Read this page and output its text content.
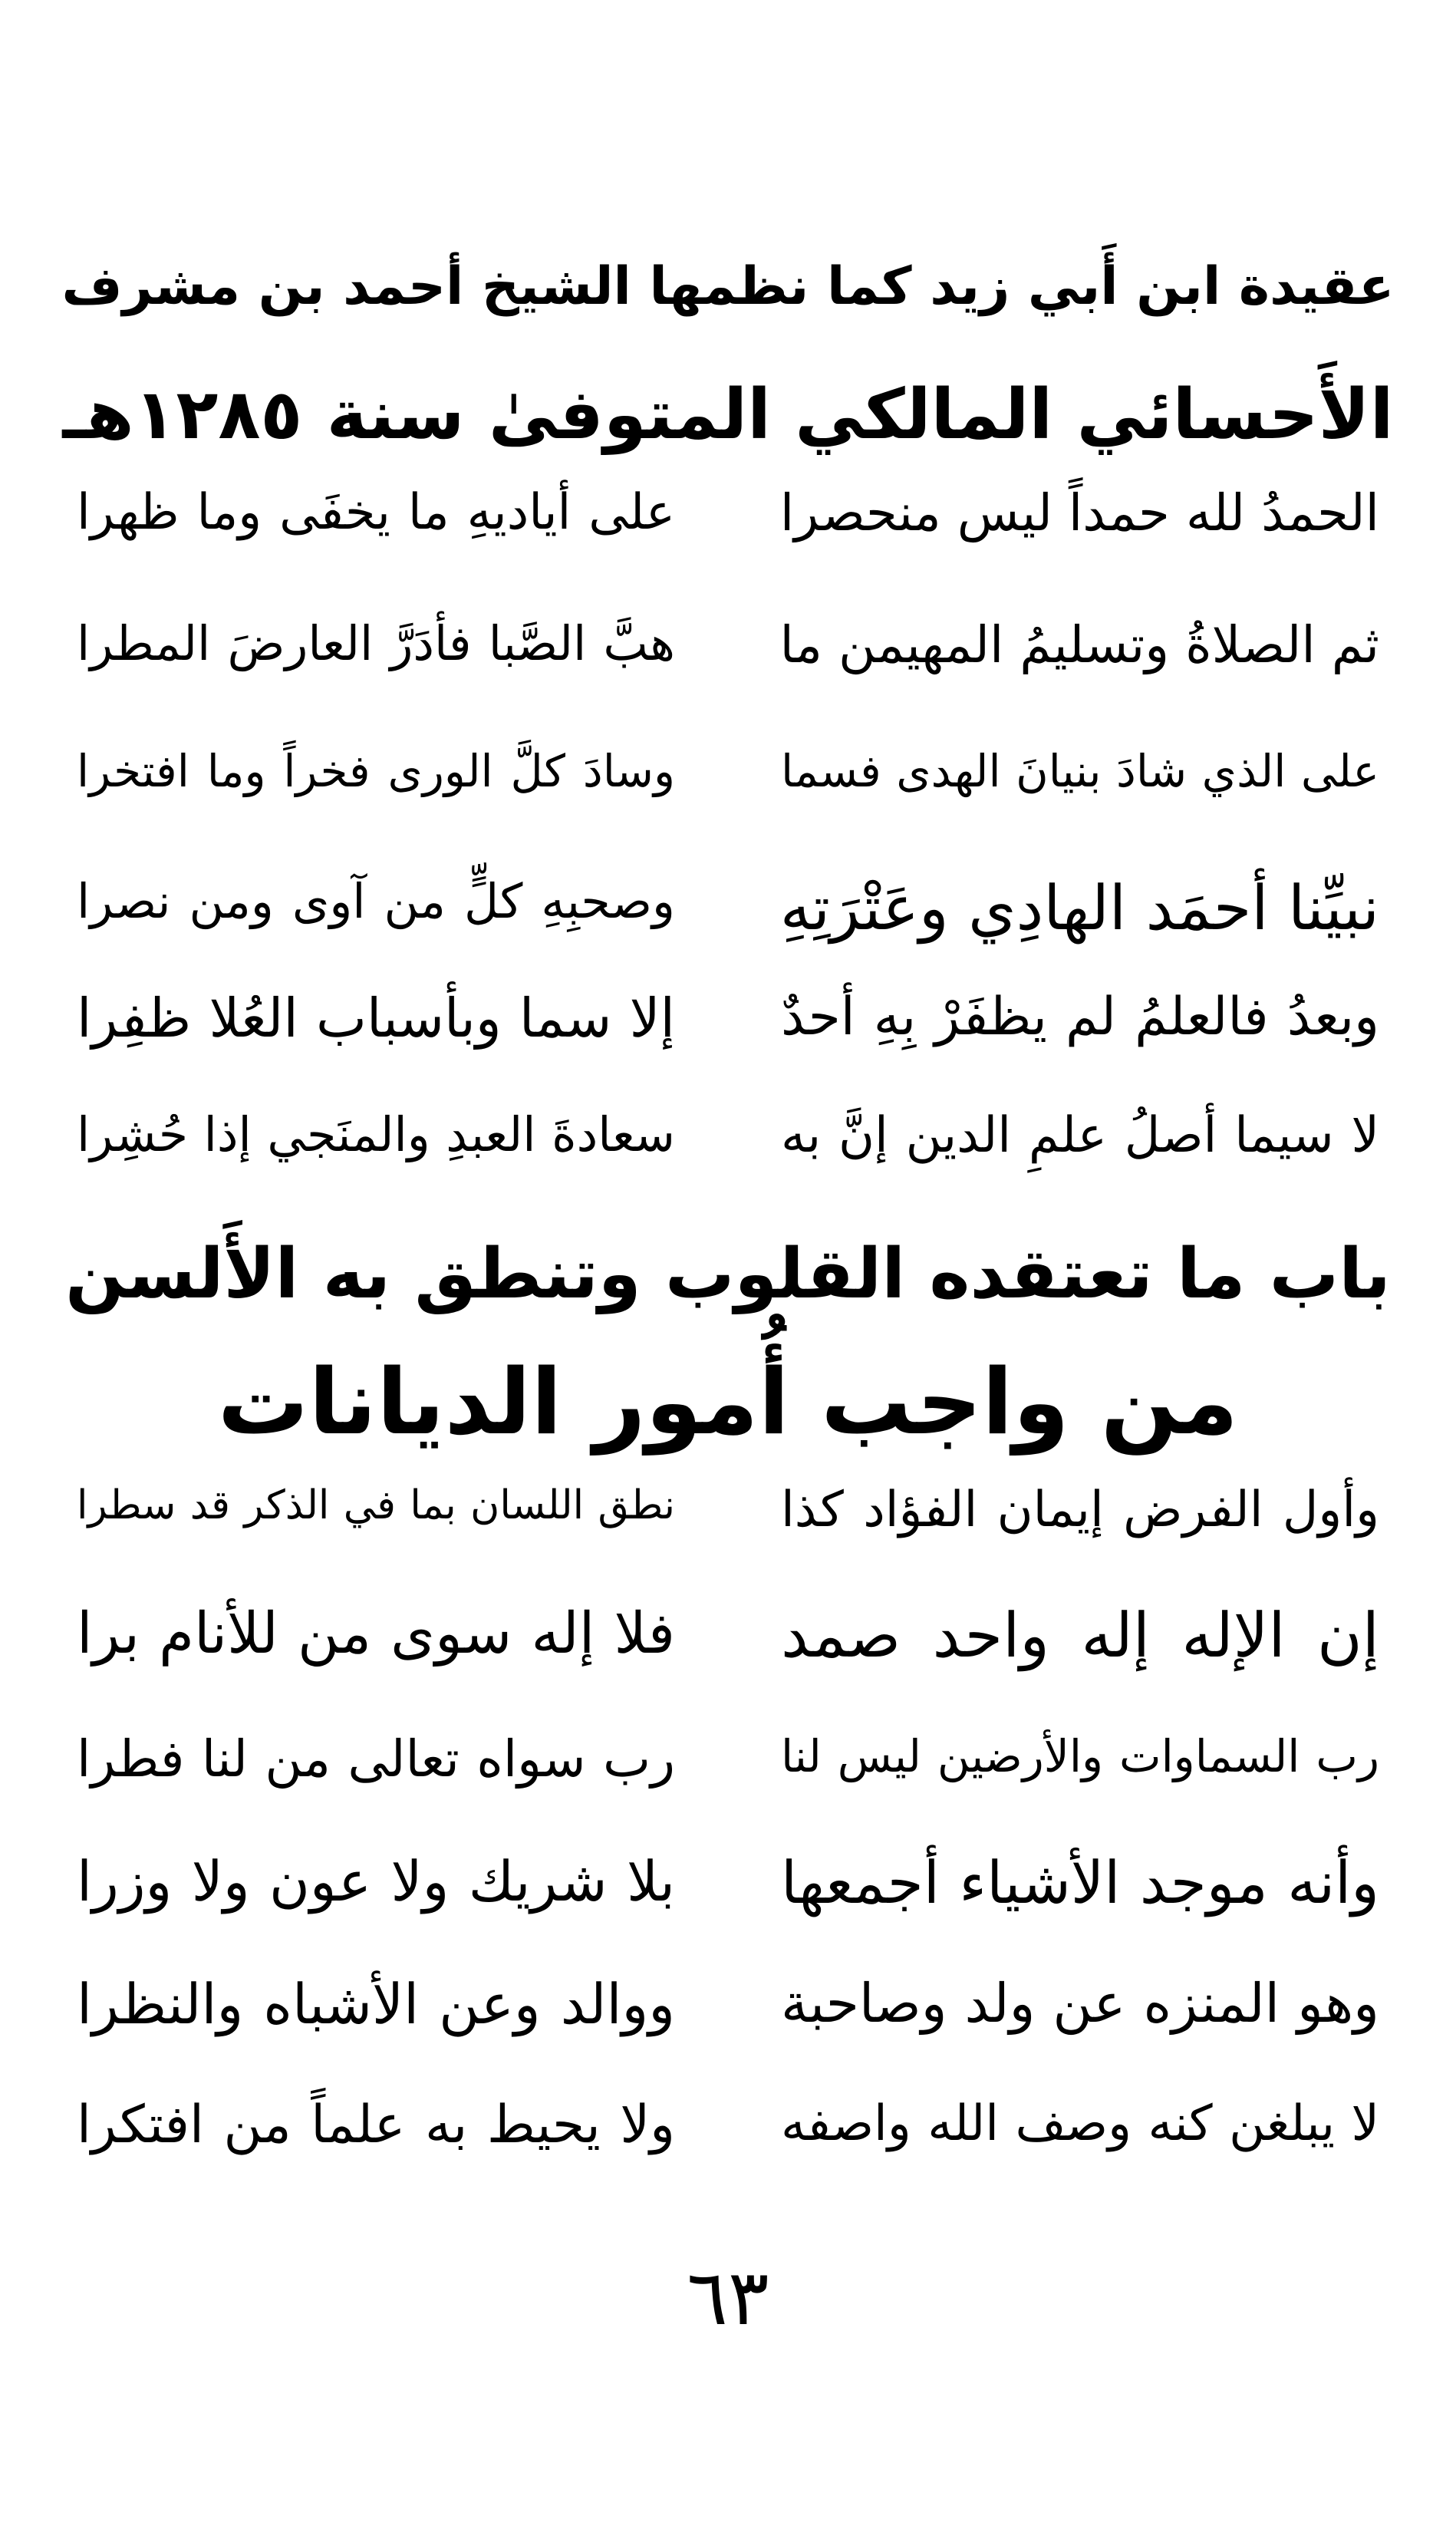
عقيدة ابن أَبي زيد كما نظمها الشيخ أحمد بن مشرف
الأَحسائي المالكي المتوفىٰ سنة ١٢٨٥هـ
الحمدُ لله حمداً ليس منحصرا
على أياديهِ ما يخفَى وما ظهرا
ثم الصلاةُ وتسليمُ المهيمن ما
هبَّ الصَّبا فأدَرَّ العارضَ المطرا
على الذي شادَ بنيانَ الهدى فسما
وسادَ كلَّ الورى فخراً وما افتخرا
نبيِّنا أحمَد الهادِي وعَتْرَتِهِ
وصحبِهِ كلٍّ من آوى ومن نصرا
وبعدُ فالعلمُ لم يظفَرْ بِهِ أحدٌ
إلا سما وبأسباب العُلا ظفِرا
لا سيما أصلُ علمِ الدين إنَّ به
سعادةَ العبدِ والمنَجي إذا حُشِرا
باب ما تعتقده القلوب وتنطق به الأَلسن
من واجب أُمور الديانات
وأول الفرض إيمان الفؤاد كذا
نطق اللسان بما في الذكر قد سطرا
إن الإله إله واحد صمد
فلا إله سوى من للأنام برا
رب السماوات والأرضين ليس لنا
رب سواه تعالى من لنا فطرا
وأنه موجد الأشياء أجمعها
بلا شريك ولا عون ولا وزرا
وهو المنزه عن ولد وصاحبة
ووالد وعن الأشباه والنظرا
لا يبلغن كنه وصف الله واصفه
ولا يحيط به علماً من افتكرا
٦٣
